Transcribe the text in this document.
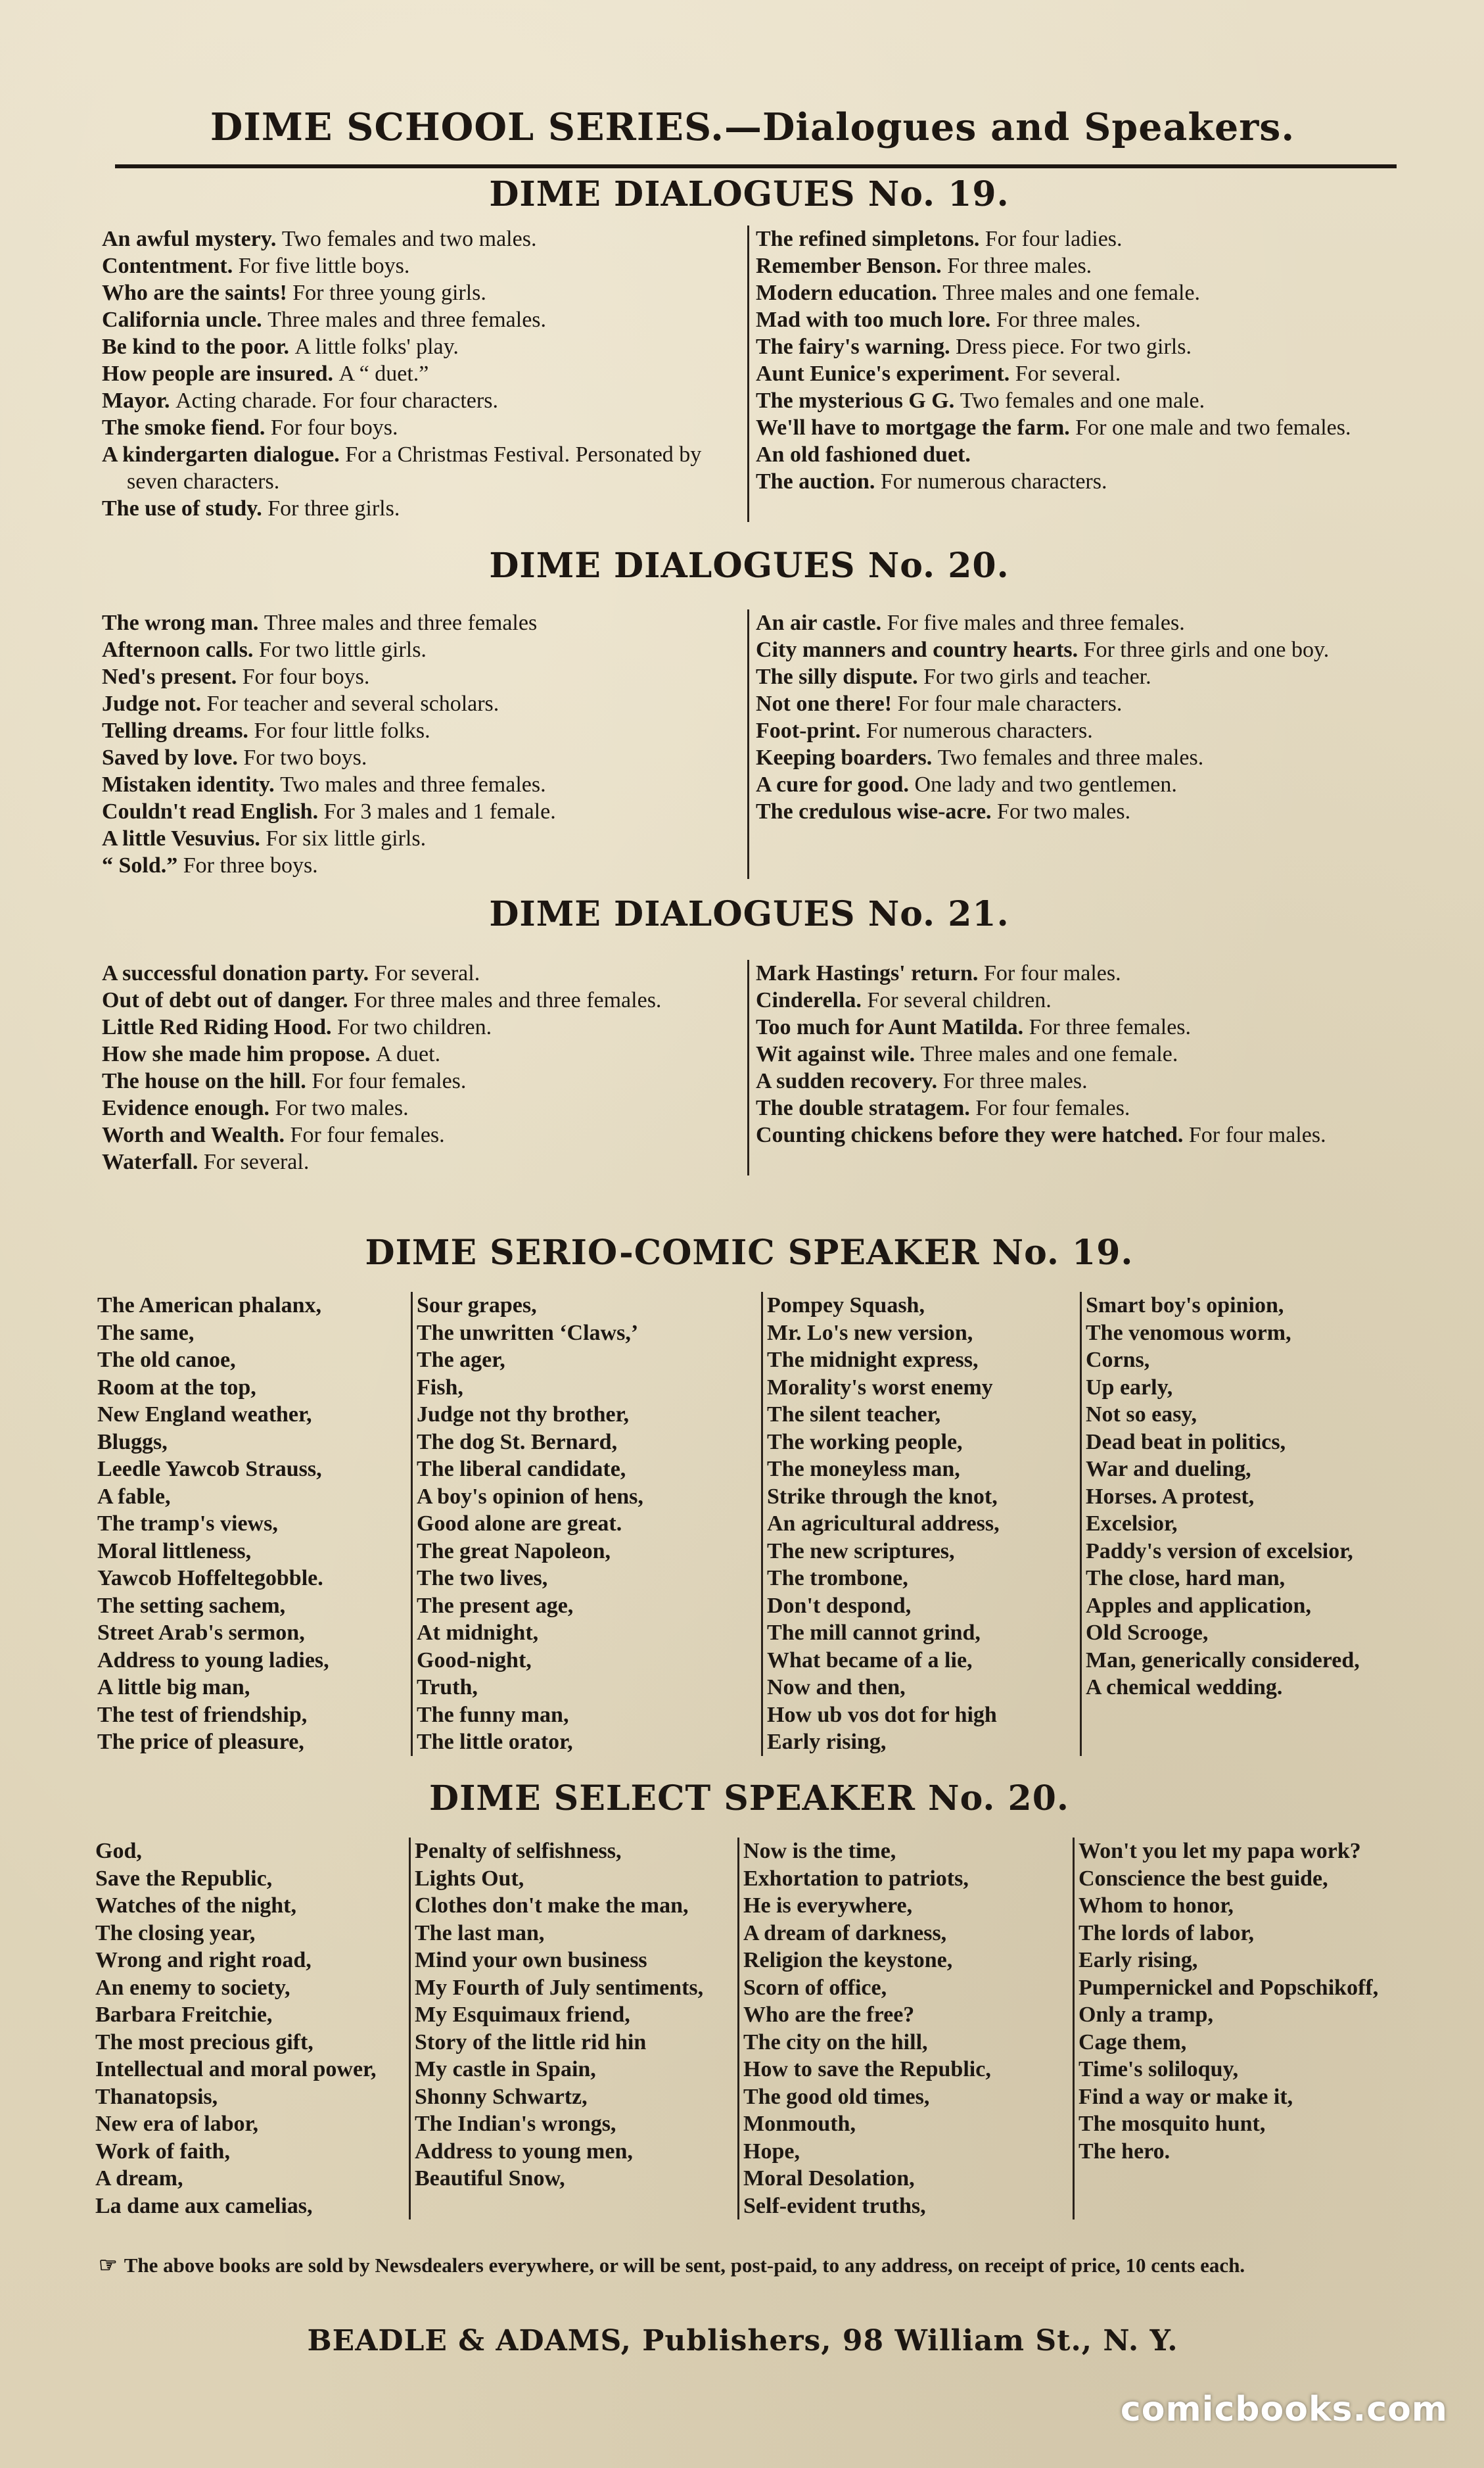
DIME SCHOOL SERIES.—Dialogues and Speakers.
DIME DIALOGUES No. 19.

An awful mystery. Two females and two males.

Contentment. For five little boys.

Who are the saints! For three young girls.

California uncle. Three males and three females.

Be kind to the poor. A little folks' play.

How people are insured. A “ duet.”

Mayor. Acting charade. For four characters.

The smoke fiend. For four boys.

A kindergarten dialogue. For a Christmas Festival. Personated by seven characters.

The use of study. For three girls.

The refined simpletons. For four ladies.

Remember Benson. For three males.

Modern education. Three males and one female.

Mad with too much lore. For three males.

The fairy's warning. Dress piece. For two girls.

Aunt Eunice's experiment. For several.

The mysterious G G. Two females and one male.

We'll have to mortgage the farm. For one male and two females.

An old fashioned duet.

The auction. For numerous characters.

DIME DIALOGUES No. 20.

The wrong man. Three males and three females

Afternoon calls. For two little girls.

Ned's present. For four boys.

Judge not. For teacher and several scholars.

Telling dreams. For four little folks.

Saved by love. For two boys.

Mistaken identity. Two males and three females.

Couldn't read English. For 3 males and 1 female.

A little Vesuvius. For six little girls.

“ Sold.” For three boys.

An air castle. For five males and three females.

City manners and country hearts. For three girls and one boy.

The silly dispute. For two girls and teacher.

Not one there! For four male characters.

Foot-print. For numerous characters.

Keeping boarders. Two females and three males.

A cure for good. One lady and two gentlemen.

The credulous wise-acre. For two males.

DIME DIALOGUES No. 21.

A successful donation party. For several.

Out of debt out of danger. For three males and three females.

Little Red Riding Hood. For two children.

How she made him propose. A duet.

The house on the hill. For four females.

Evidence enough. For two males.

Worth and Wealth. For four females.

Waterfall. For several.

Mark Hastings' return. For four males.

Cinderella. For several children.

Too much for Aunt Matilda. For three females.

Wit against wile. Three males and one female.

A sudden recovery. For three males.

The double stratagem. For four females.

Counting chickens before they were hatched. For four males.

DIME SERIO-COMIC SPEAKER No. 19.

The American phalanx,

The same,

The old canoe,

Room at the top,

New England weather,

Bluggs,

Leedle Yawcob Strauss,

A fable,

The tramp's views,

Moral littleness,

Yawcob Hoffeltegobble.

The setting sachem,

Street Arab's sermon,

Address to young ladies,

A little big man,

The test of friendship,

The price of pleasure,

Sour grapes,

The unwritten ‘Claws,’

The ager,

Fish,

Judge not thy brother,

The dog St. Bernard,

The liberal candidate,

A boy's opinion of hens,

Good alone are great.

The great Napoleon,

The two lives,

The present age,

At midnight,

Good-night,

Truth,

The funny man,

The little orator,

Pompey Squash,

Mr. Lo's new version,

The midnight express,

Morality's worst enemy

The silent teacher,

The working people,

The moneyless man,

Strike through the knot,

An agricultural address,

The new scriptures,

The trombone,

Don't despond,

The mill cannot grind,

What became of a lie,

Now and then,

How ub vos dot for high

Early rising,

Smart boy's opinion,

The venomous worm,

Corns,

Up early,

Not so easy,

Dead beat in politics,

War and dueling,

Horses. A protest,

Excelsior,

Paddy's version of excelsior,

The close, hard man,

Apples and application,

Old Scrooge,

Man, generically considered,

A chemical wedding.

DIME SELECT SPEAKER No. 20.

God,

Save the Republic,

Watches of the night,

The closing year,

Wrong and right road,

An enemy to society,

Barbara Freitchie,

The most precious gift,

Intellectual and moral power,

Thanatopsis,

New era of labor,

Work of faith,

A dream,

La dame aux camelias,

Penalty of selfishness,

Lights Out,

Clothes don't make the man,

The last man,

Mind your own business

My Fourth of July sentiments,

My Esquimaux friend,

Story of the little rid hin

My castle in Spain,

Shonny Schwartz,

The Indian's wrongs,

Address to young men,

Beautiful Snow,

Now is the time,

Exhortation to patriots,

He is everywhere,

A dream of darkness,

Religion the keystone,

Scorn of office,

Who are the free?

The city on the hill,

How to save the Republic,

The good old times,

Monmouth,

Hope,

Moral Desolation,

Self-evident truths,

Won't you let my papa work?

Conscience the best guide,

Whom to honor,

The lords of labor,

Early rising,

Pumpernickel and Popschikoff,

Only a tramp,

Cage them,

Time's soliloquy,

Find a way or make it,

The mosquito hunt,

The hero.

☞ The above books are sold by Newsdealers everywhere, or will be sent, post-paid, to any address, on receipt of price, 10 cents each.
BEADLE & ADAMS, Publishers, 98 William St., N. Y.
comicbooks.com
